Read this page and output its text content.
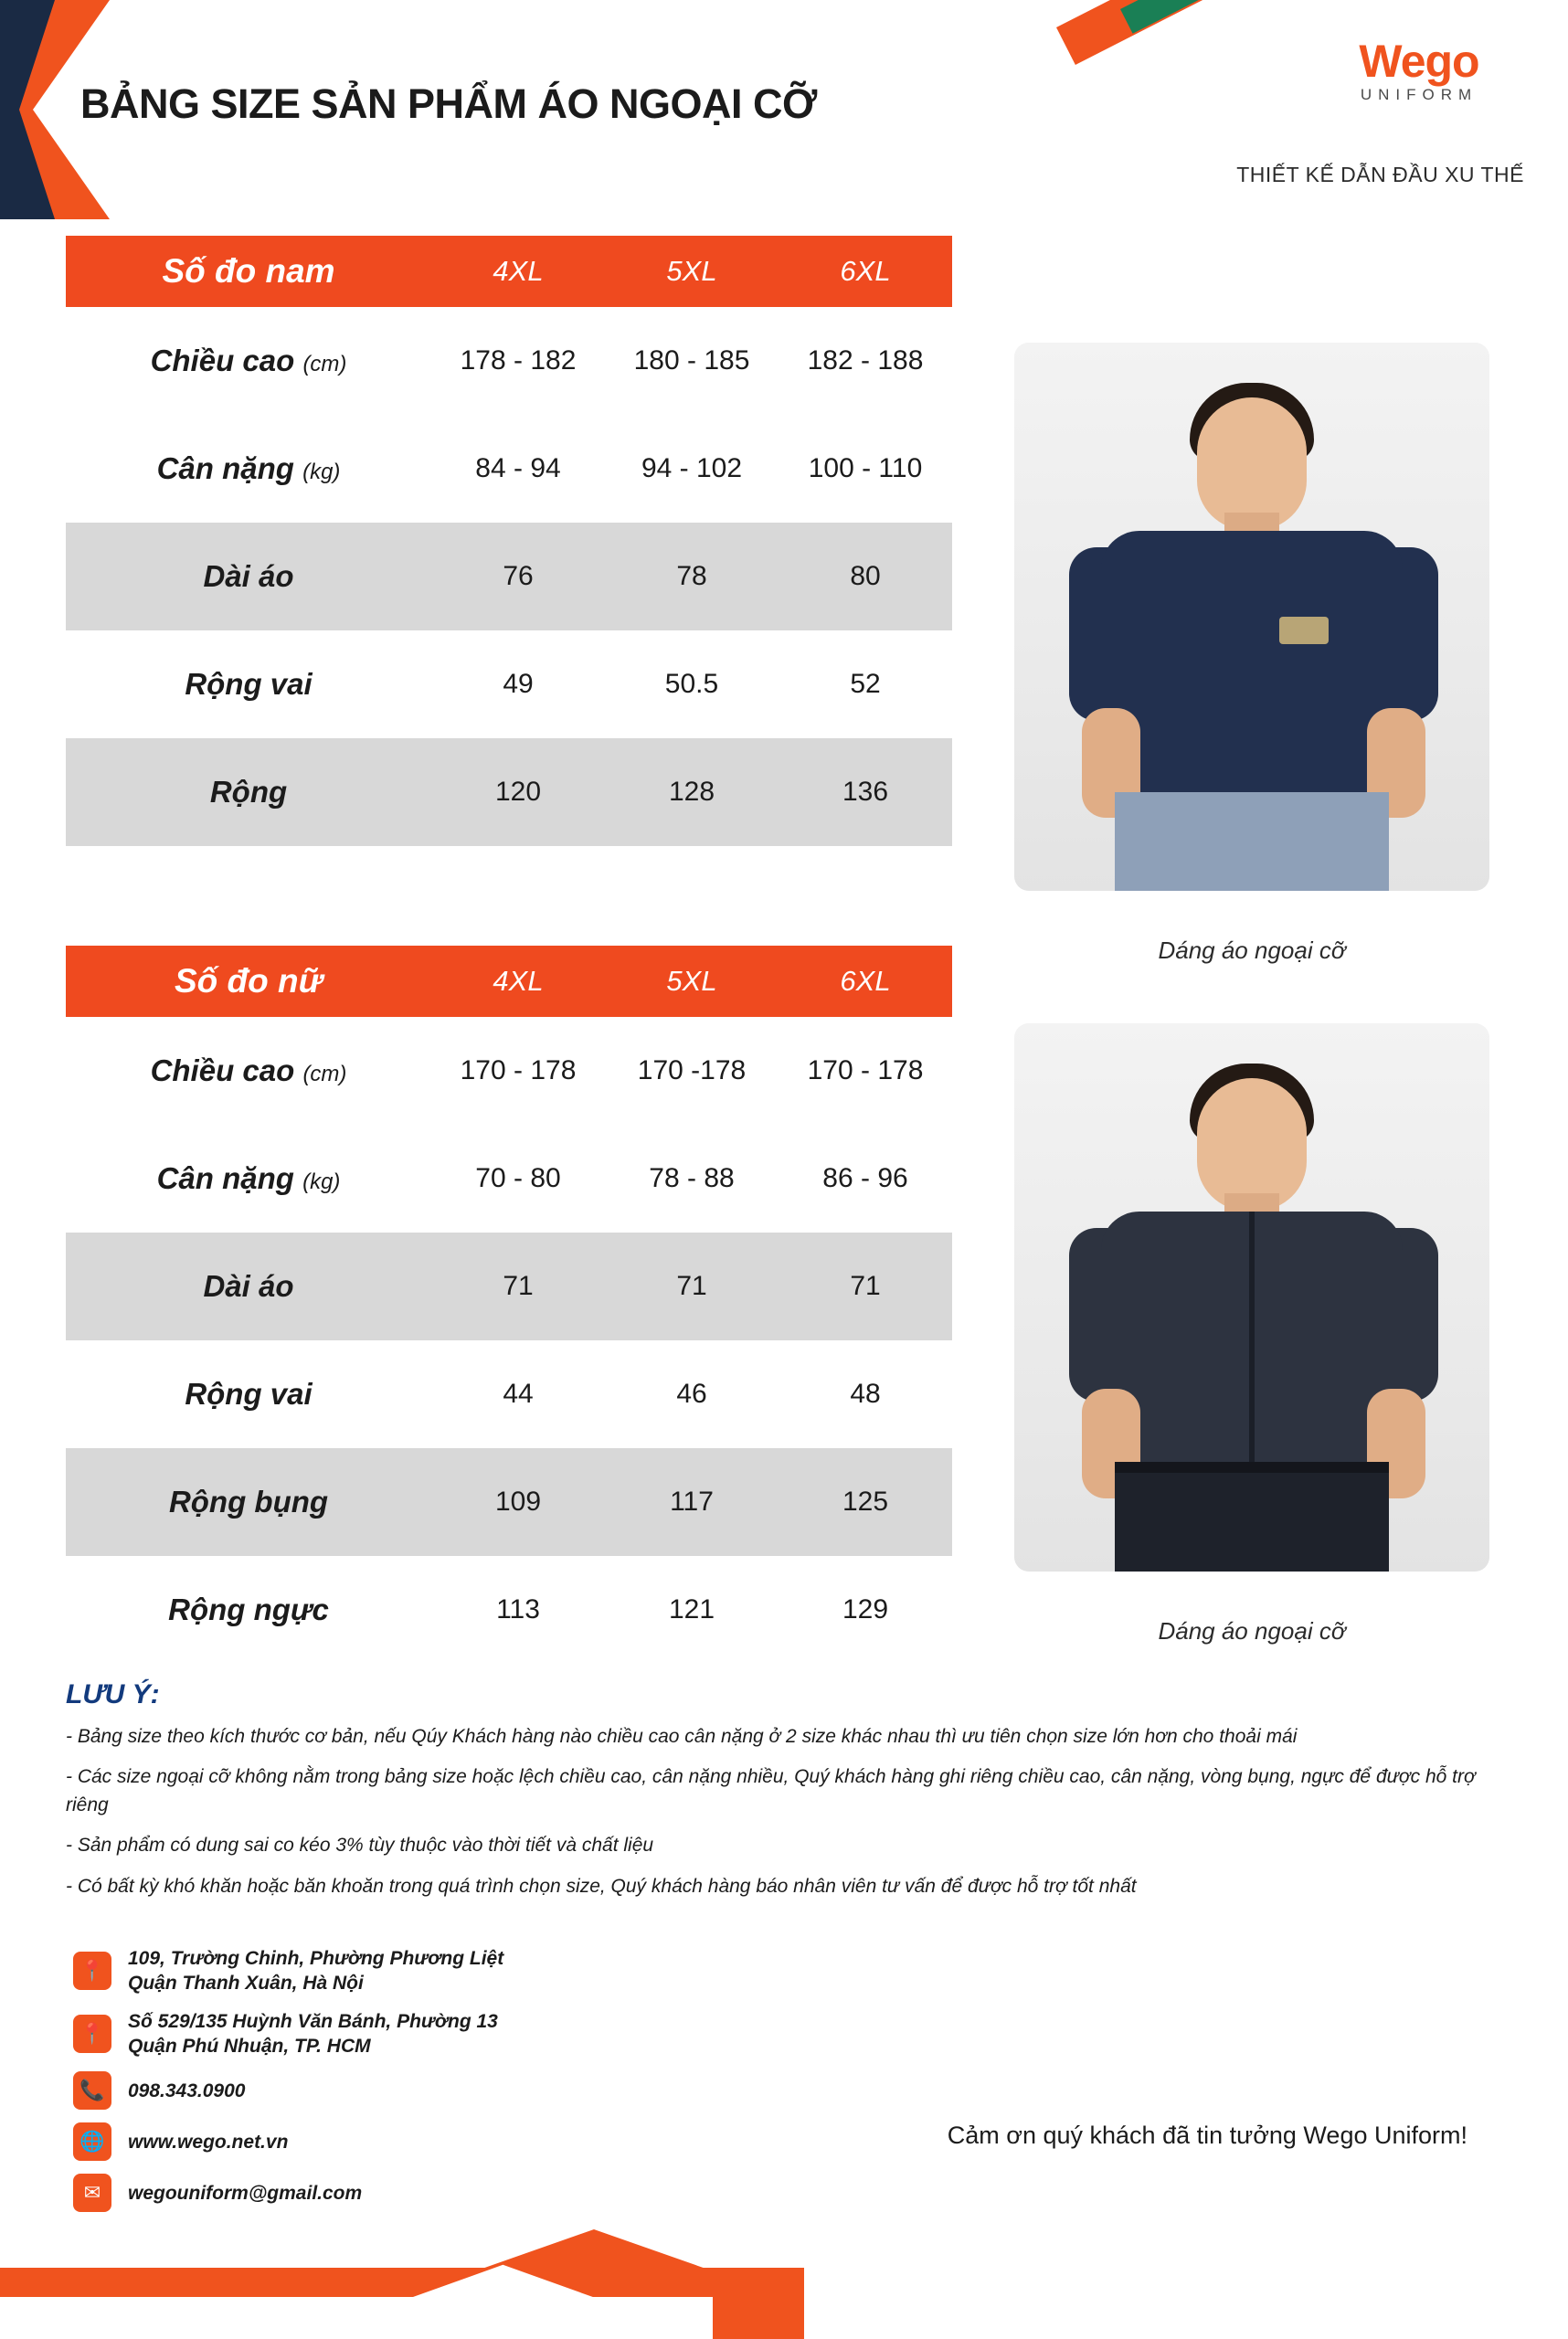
BẢNG SIZE SẢN PHẨM ÁO NGOẠI CỠ
Wego
UNIFORM
THIẾT KẾ DẪN ĐẦU XU THẾ
Số đo nam	4XL	5XL	6XL
Chiều cao (cm)	178 - 182	180 - 185	182 - 188
Cân nặng (kg)	84 - 94	94 - 102	100 - 110
Dài áo	76	78	80
Rộng vai	49	50.5	52
Rộng	120	128	136
Số đo nữ	4XL	5XL	6XL
Chiều cao (cm)	170 - 178	170 -178	170 - 178
Cân nặng (kg)	70 - 80	78 - 88	86 - 96
Dài áo	71	71	71
Rộng vai	44	46	48
Rộng bụng	109	117	125
Rộng ngực	113	121	129
Dáng áo ngoại cỡ
Dáng áo ngoại cỡ
LƯU Ý:
- Bảng size theo kích thước cơ bản, nếu Qúy Khách hàng nào chiều cao cân nặng ở 2 size khác nhau thì ưu tiên chọn size lớn hơn cho thoải mái
- Các size ngoại cỡ không nằm trong bảng size hoặc lệch chiều cao, cân nặng nhiều, Quý khách hàng ghi riêng chiều cao, cân nặng, vòng bụng, ngực để được hỗ trợ riêng
- Sản phẩm có dung sai co kéo 3% tùy thuộc vào thời tiết và chất liệu
- Có bất kỳ khó khăn hoặc băn khoăn trong quá trình chọn size, Quý khách hàng báo nhân viên tư vấn để được hỗ trợ tốt nhất
📍
109, Trường Chinh, Phường Phương Liệt
Quận Thanh Xuân, Hà Nội
📍
Số 529/135 Huỳnh Văn Bánh, Phường 13
Quận Phú Nhuận, TP. HCM
📞	098.343.0900
🌐	www.wego.net.vn
✉	wegouniform@gmail.com
Cảm ơn quý khách đã tin tưởng Wego Uniform!
